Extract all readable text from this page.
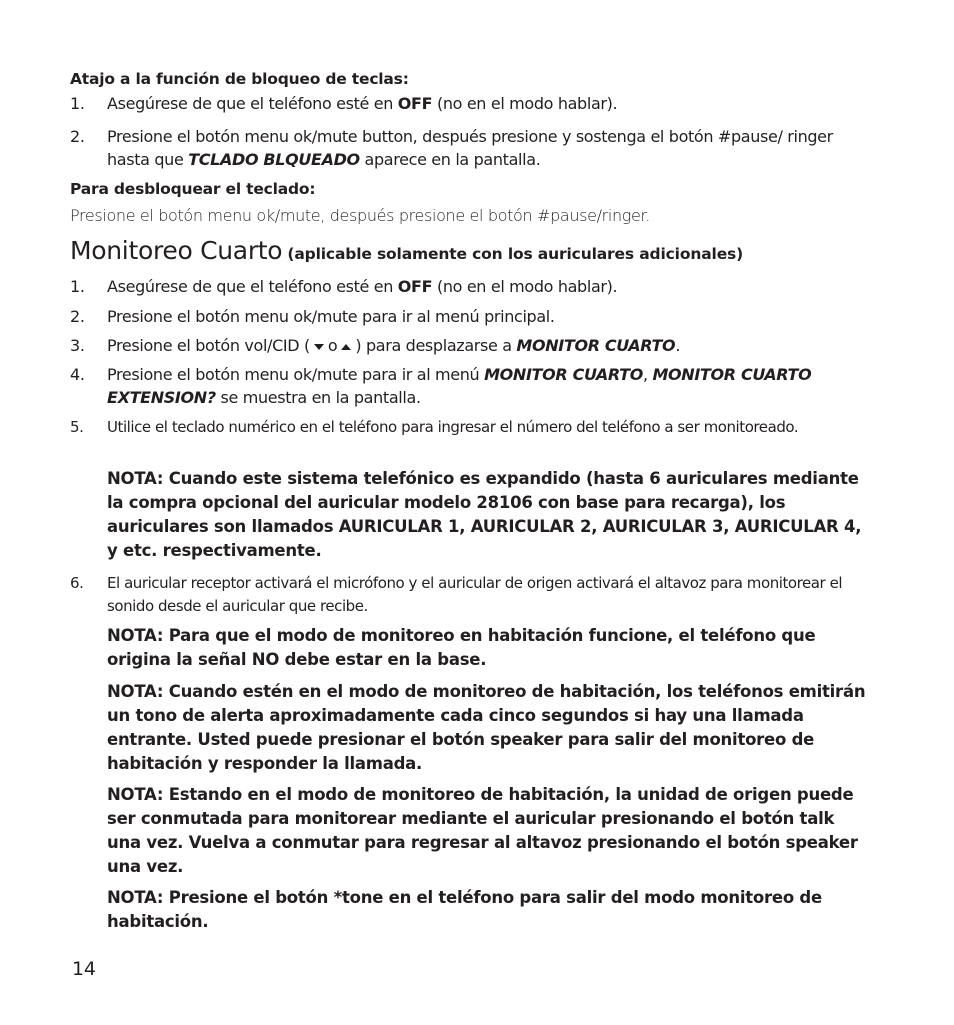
Atajo a la función de bloqueo de teclas:
1.	Asegúrese de que el teléfono esté en OFF (no en el modo hablar).
2.	Presione el botón menu ok/mute button, después presione y sostenga el botón #pause/ ringer hasta que TCLADO BLQUEADO aparece en la pantalla.
Para desbloquear el teclado:
Presione el botón menu ok/mute, después presione el botón #pause/ringer.
Monitoreo Cuarto (aplicable solamente con los auriculares adicionales)
1.	Asegúrese de que el teléfono esté en OFF (no en el modo hablar).
2.	Presione el botón menu ok/mute para ir al menú principal.
3.	Presione el botón vol/CID ( o ) para desplazarse a MONITOR CUARTO.
4.	Presione el botón menu ok/mute para ir al menú MONITOR CUARTO, MONITOR CUARTO EXTENSION? se muestra en la pantalla.
5.	Utilice el teclado numérico en el teléfono para ingresar el número del teléfono a ser monitoreado.
NOTA: Cuando este sistema telefónico es expandido (hasta 6 auriculares mediante la compra opcional del auricular modelo 28106 con base para recarga), los auriculares son llamados AURICULAR 1, AURICULAR 2, AURICULAR 3, AURICULAR 4, y etc. respectivamente.
6.	El auricular receptor activará el micrófono y el auricular de origen activará el altavoz para monitorear el sonido desde el auricular que recibe.
NOTA: Para que el modo de monitoreo en habitación funcione, el teléfono que origina la señal NO debe estar en la base.
NOTA: Cuando estén en el modo de monitoreo de habitación, los teléfonos emitirán un tono de alerta aproximadamente cada cinco segundos si hay una llamada entrante. Usted puede presionar el botón speaker para salir del monitoreo de habitación y responder la llamada.
NOTA: Estando en el modo de monitoreo de habitación, la unidad de origen puede ser conmutada para monitorear mediante el auricular presionando el botón talk una vez. Vuelva a conmutar para regresar al altavoz presionando el botón speaker una vez.
NOTA: Presione el botón *tone en el teléfono para salir del modo monitoreo de habitación.
14
